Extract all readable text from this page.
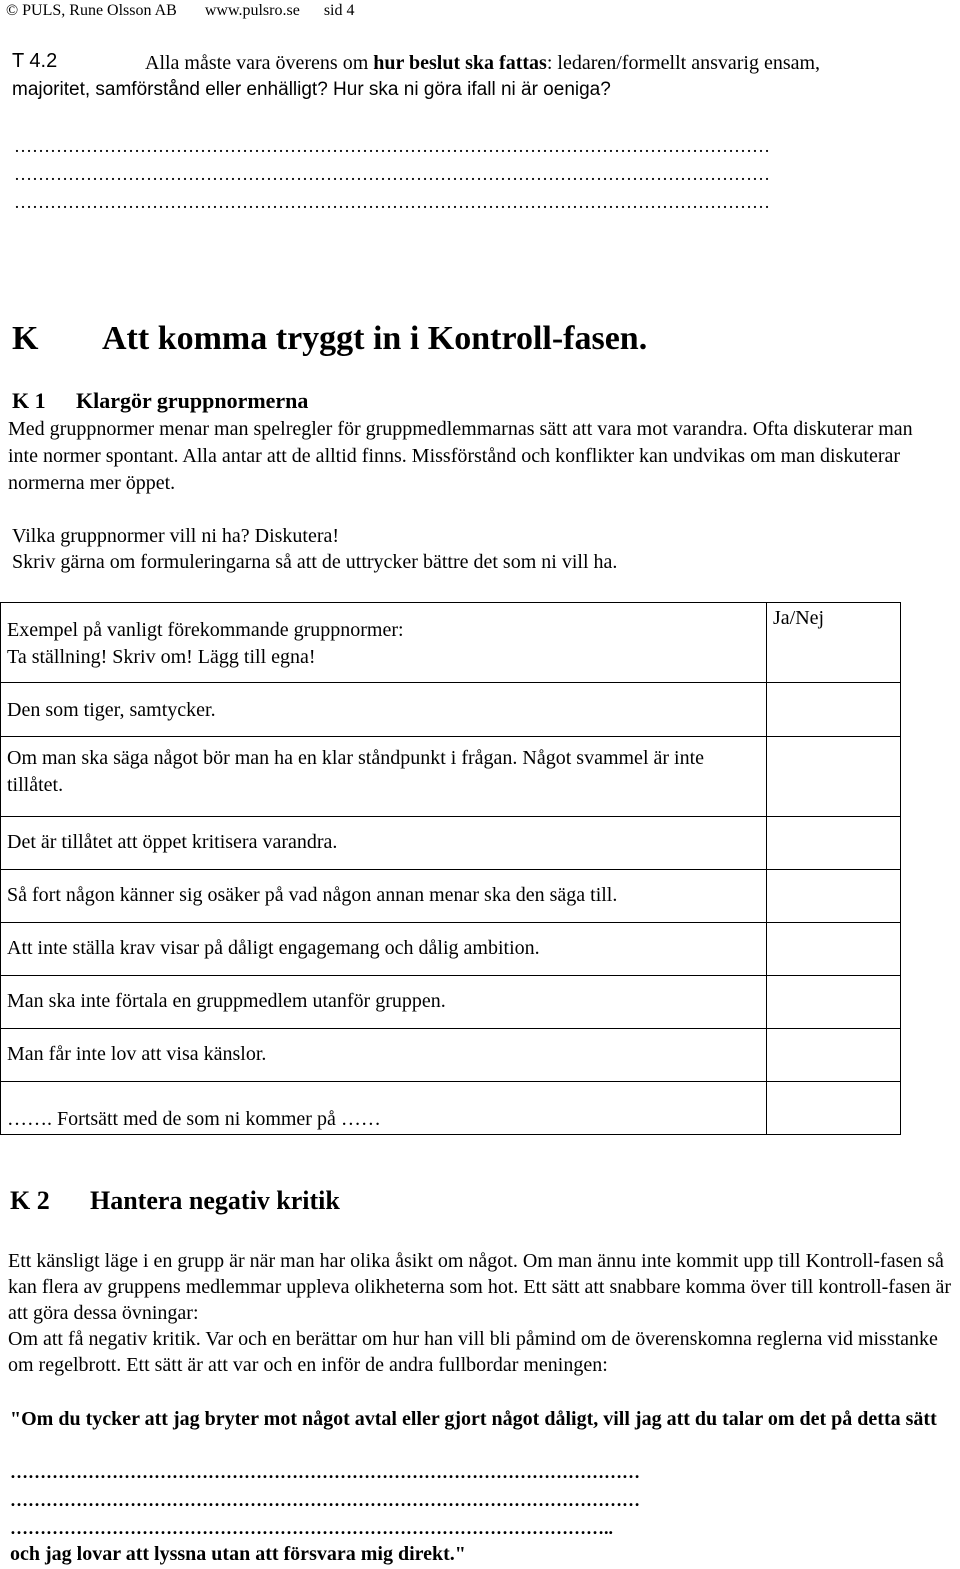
© PULS, Rune Olsson AB www.pulsro.se sid 4
T 4.2	Alla måste vara överens om hur beslut ska fattas: ledaren/formellt ansvarig ensam,
majoritet, samförstånd eller enhälligt? Hur ska ni göra ifall ni är oeniga?
………………………………………………………………………………………………………………
………………………………………………………………………………………………………………
………………………………………………………………………………………………………………
K Att komma tryggt in i Kontroll-fasen.
K 1 Klargör gruppnormerna
Med gruppnormer menar man spelregler för gruppmedlemmarnas sätt att vara mot varandra. Ofta diskuterar man inte normer spontant. Alla antar att de alltid finns. Missförstånd och konflikter kan undvikas om man diskuterar normerna mer öppet.
Vilka gruppnormer vill ni ha? Diskutera!
Skriv gärna om formuleringarna så att de uttrycker bättre det som ni vill ha.
Exempel på vanligt förekommande gruppnormer:
Ta ställning! Skriv om! Lägg till egna!	Ja/Nej
Den som tiger, samtycker.	
Om man ska säga något bör man ha en klar ståndpunkt i frågan. Något svammel är inte tillåtet.	
Det är tillåtet att öppet kritisera varandra.	
Så fort någon känner sig osäker på vad någon annan menar ska den säga till.	
Att inte ställa krav visar på dåligt engagemang och dålig ambition.	
Man ska inte förtala en gruppmedlem utanför gruppen.	
Man får inte lov att visa känslor.	
……. Fortsätt med de som ni kommer på ……	
K 2 Hantera negativ kritik
Ett känsligt läge i en grupp är när man har olika åsikt om något. Om man ännu inte kommit upp till Kontroll-fasen så kan flera av gruppens medlemmar uppleva olikheterna som hot. Ett sätt att snabbare komma över till kontroll-fasen är att göra dessa övningar:
Om att få negativ kritik. Var och en berättar om hur han vill bli påmind om de överenskomna reglerna vid misstanke om regelbrott. Ett sätt är att var och en inför de andra fullbordar meningen:
"Om du tycker att jag bryter mot något avtal eller gjort något dåligt, vill jag att du talar om det på detta sätt
……………………………………………………………………………………………
……………………………………………………………………………………………
………………………………………………………………………………………..
och jag lovar att lyssna utan att försvara mig direkt."
